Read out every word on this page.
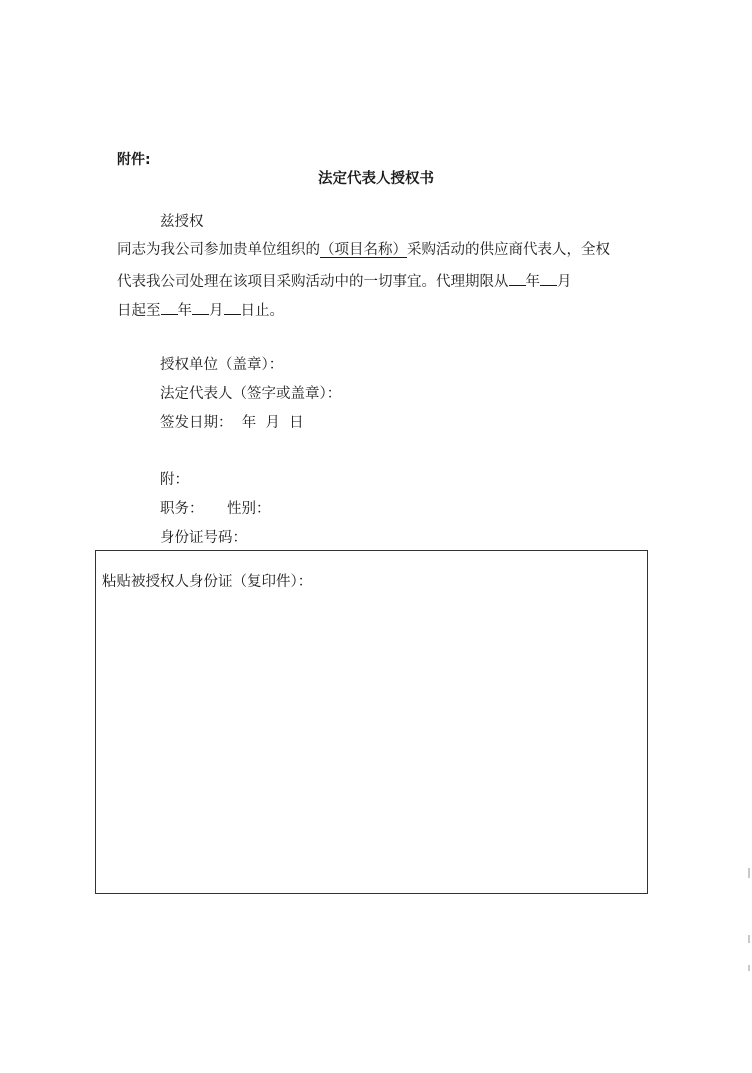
附件:
法定代表人授权书
兹授权
同志为我公司参加贵单位组织的（项目名称）采购活动的供应商代表人，全权
代表我公司处理在该项目采购活动中的一切事宜。代理期限从 年 月
日起至 年 月 日止。
授权单位（盖章）：
法定代表人（签字或盖章）：
签发日期：  年  月  日
附：
职务： 性别：
身份证号码：
粘贴被授权人身份证（复印件）：
